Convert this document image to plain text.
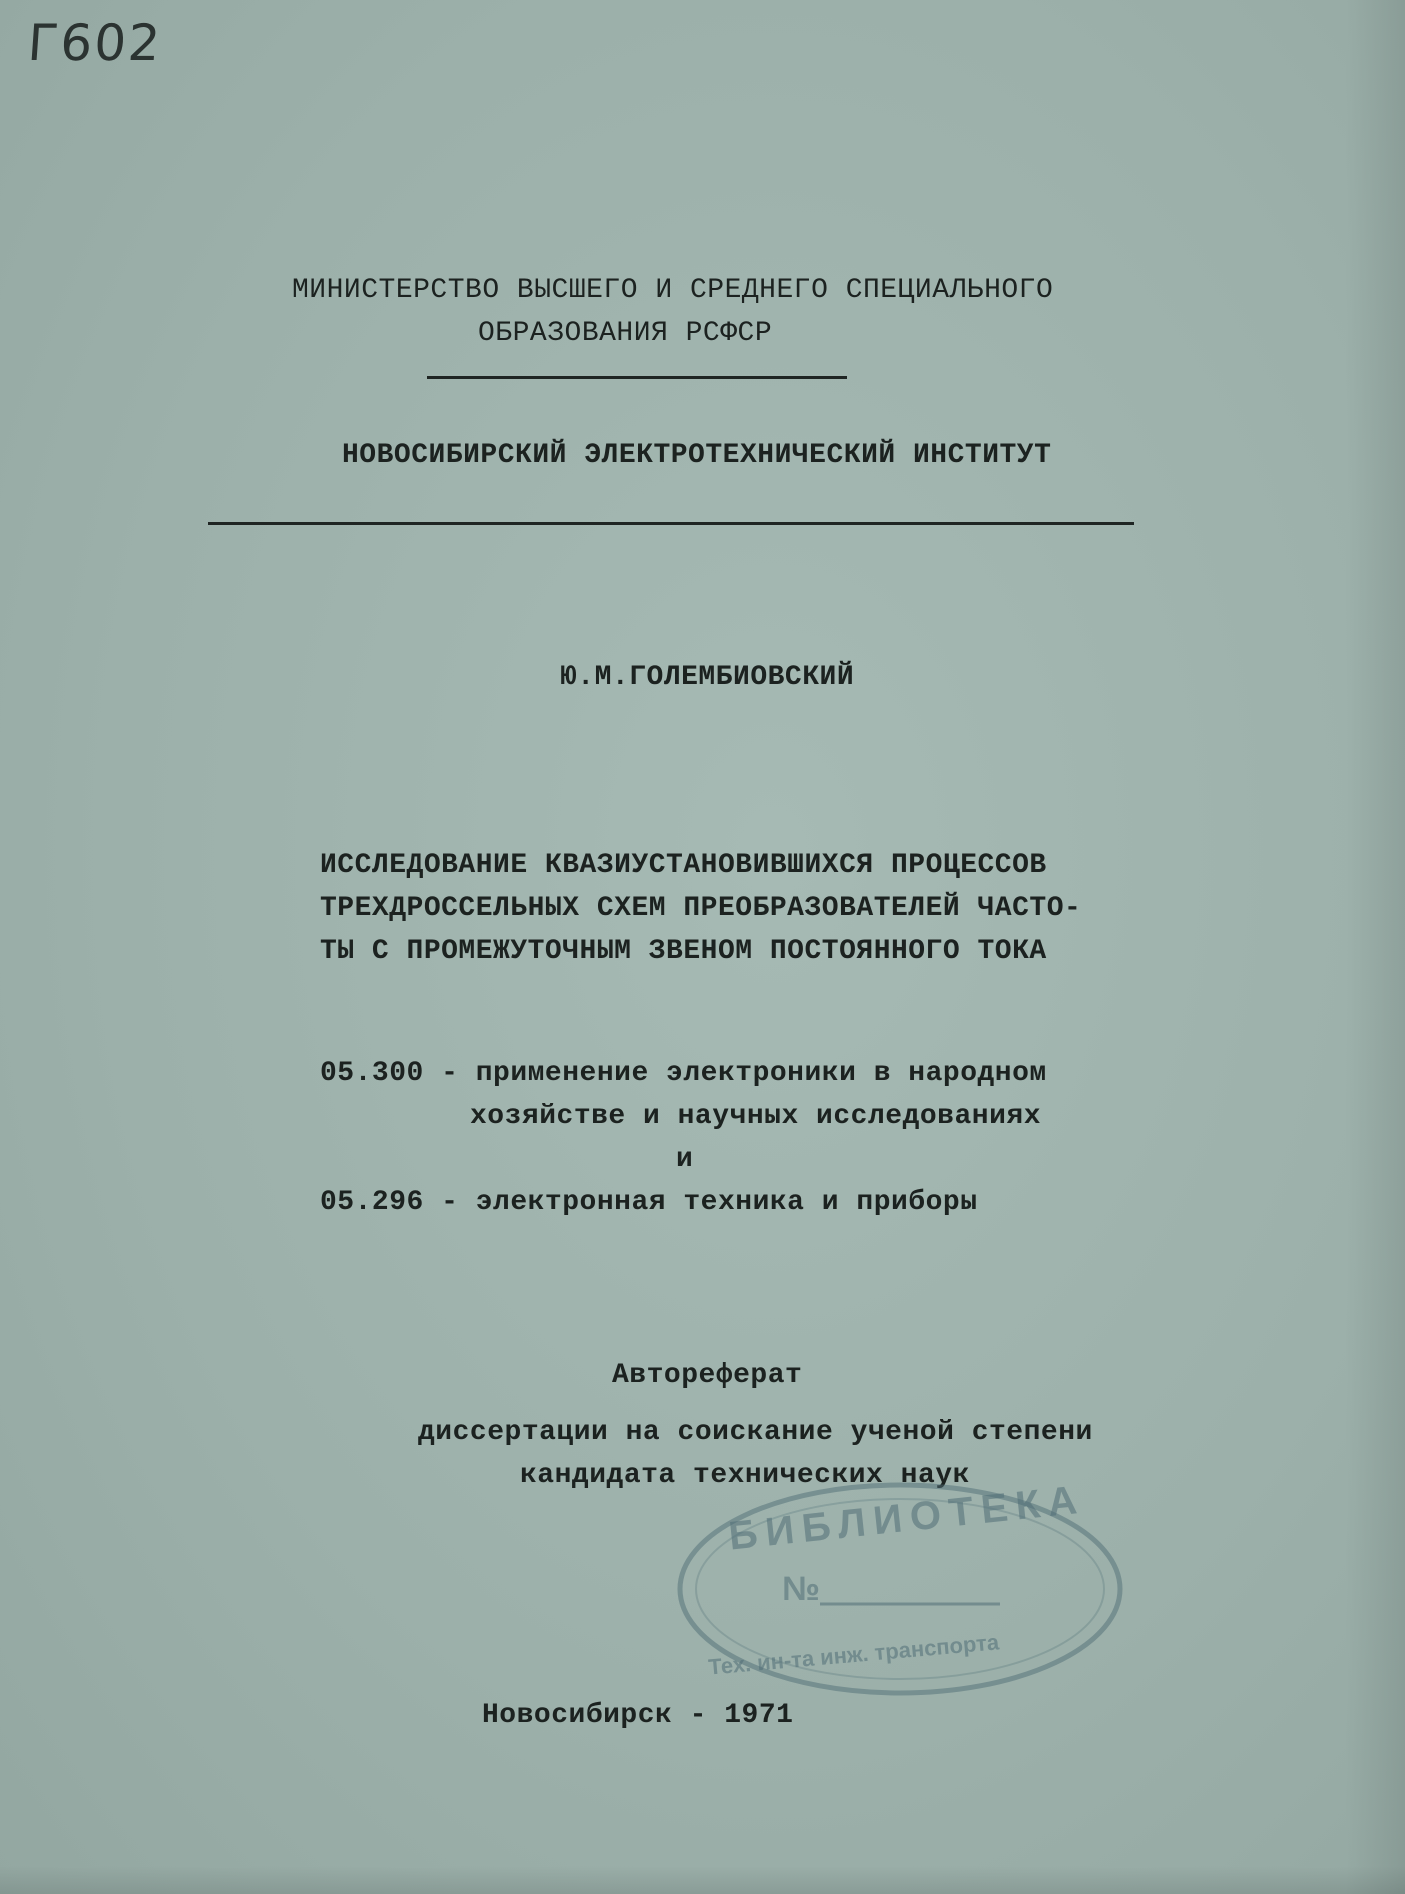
Г602
МИНИСТЕРСТВО ВЫСШЕГО И СРЕДНЕГО СПЕЦИАЛЬНОГО
ОБРАЗОВАНИЯ РСФСР
НОВОСИБИРСКИЙ ЭЛЕКТРОТЕХНИЧЕСКИЙ ИНСТИТУТ
Ю.М.ГОЛЕМБИОВСКИЙ
ИССЛЕДОВАНИЕ КВАЗИУСТАНОВИВШИХСЯ ПРОЦЕССОВ
ТРЕХДРОССЕЛЬНЫХ СХЕМ ПРЕОБРАЗОВАТЕЛЕЙ ЧАСТО-
ТЫ С ПРОМЕЖУТОЧНЫМ ЗВЕНОМ ПОСТОЯННОГО ТОКА
05.300 - применение электроники в народном
хозяйстве и научных исследованиях
и
05.296 - электронная техника и приборы
Автореферат
диссертации на соискание ученой степени
кандидата технических наук
БИБЛИОТЕКА
№
Тех. ин-та инж. транспорта
Новосибирск - 1971
